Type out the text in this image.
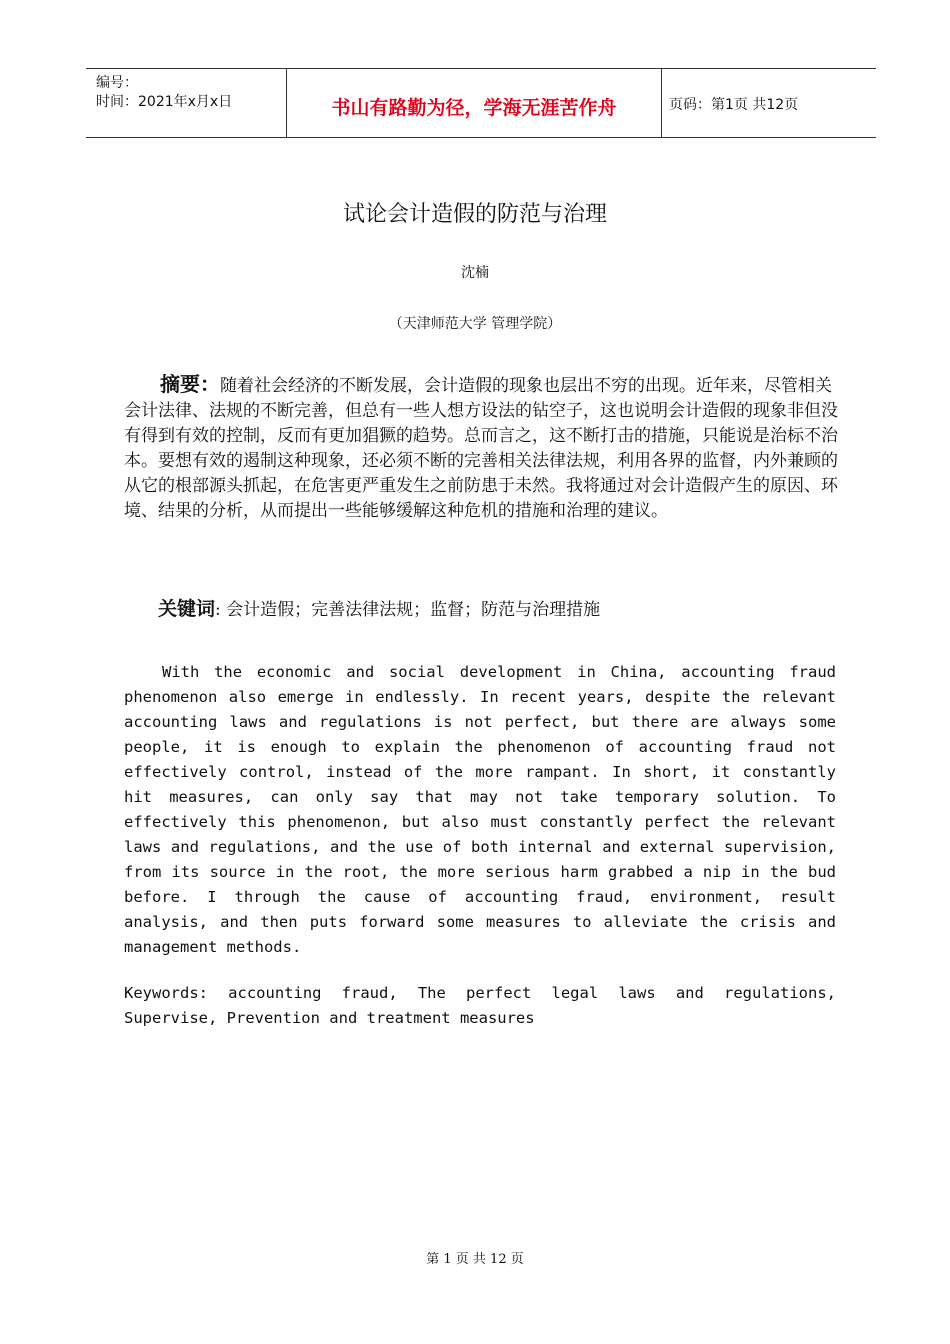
编号：
时间：2021年x月x日	书山有路勤为径，学海无涯苦作舟	页码：第1页 共12页
试论会计造假的防范与治理
沈楠
（天津师范大学 管理学院）
摘要：随着社会经济的不断发展，会计造假的现象也层出不穷的出现。近年来，尽管相关会计法律、法规的不断完善，但总有一些人想方设法的钻空子，这也说明会计造假的现象非但没有得到有效的控制，反而有更加猖獗的趋势。总而言之，这不断打击的措施，只能说是治标不治本。要想有效的遏制这种现象，还必须不断的完善相关法律法规，利用各界的监督，内外兼顾的从它的根部源头抓起，在危害更严重发生之前防患于未然。我将通过对会计造假产生的原因、环境、结果的分析，从而提出一些能够缓解这种危机的措施和治理的建议。
关键词: 会计造假；完善法律法规；监督；防范与治理措施
With the economic and social development in China, accounting fraud phenomenon also emerge in endlessly. In recent years, despite the relevant accounting laws and regulations is not perfect, but there are always some people, it is enough to explain the phenomenon of accounting fraud not effectively control, instead of the more rampant. In short, it constantly hit measures, can only say that may not take temporary solution. To effectively this phenomenon, but also must constantly perfect the relevant laws and regulations, and the use of both internal and external supervision, from its source in the root, the more serious harm grabbed a nip in the bud before. I through the cause of accounting fraud, environment, result analysis, and then puts forward some measures to alleviate the crisis and management methods.
Keywords: accounting fraud, The perfect legal laws and regulations, Supervise, Prevention and treatment measures
第 1 页 共 12 页
